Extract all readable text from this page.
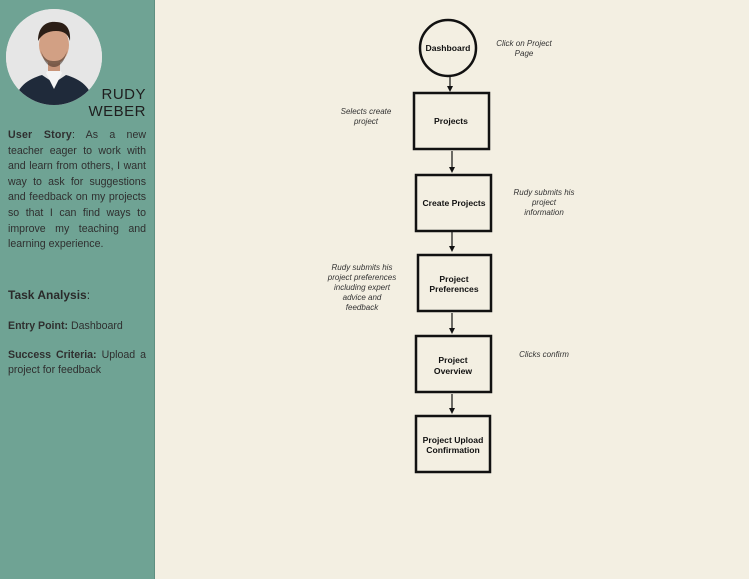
RUDY
WEBER
User Story: As a new teacher eager to work with and learn from others, I want way to ask for suggestions and feedback on my projects so that I can find ways to improve my teaching and learning experience.
Task Analysis:
Entry Point: Dashboard
Success Criteria: Upload a project for feedback
Dashboard
Projects
Create Projects
Project
Preferences
Project
Overview
Project Upload
Confirmation
Click on Project
Page
Selects create
project
Rudy submits his
project
information
Rudy submits his
project preferences
including expert
advice and
feedback
Clicks confirm
